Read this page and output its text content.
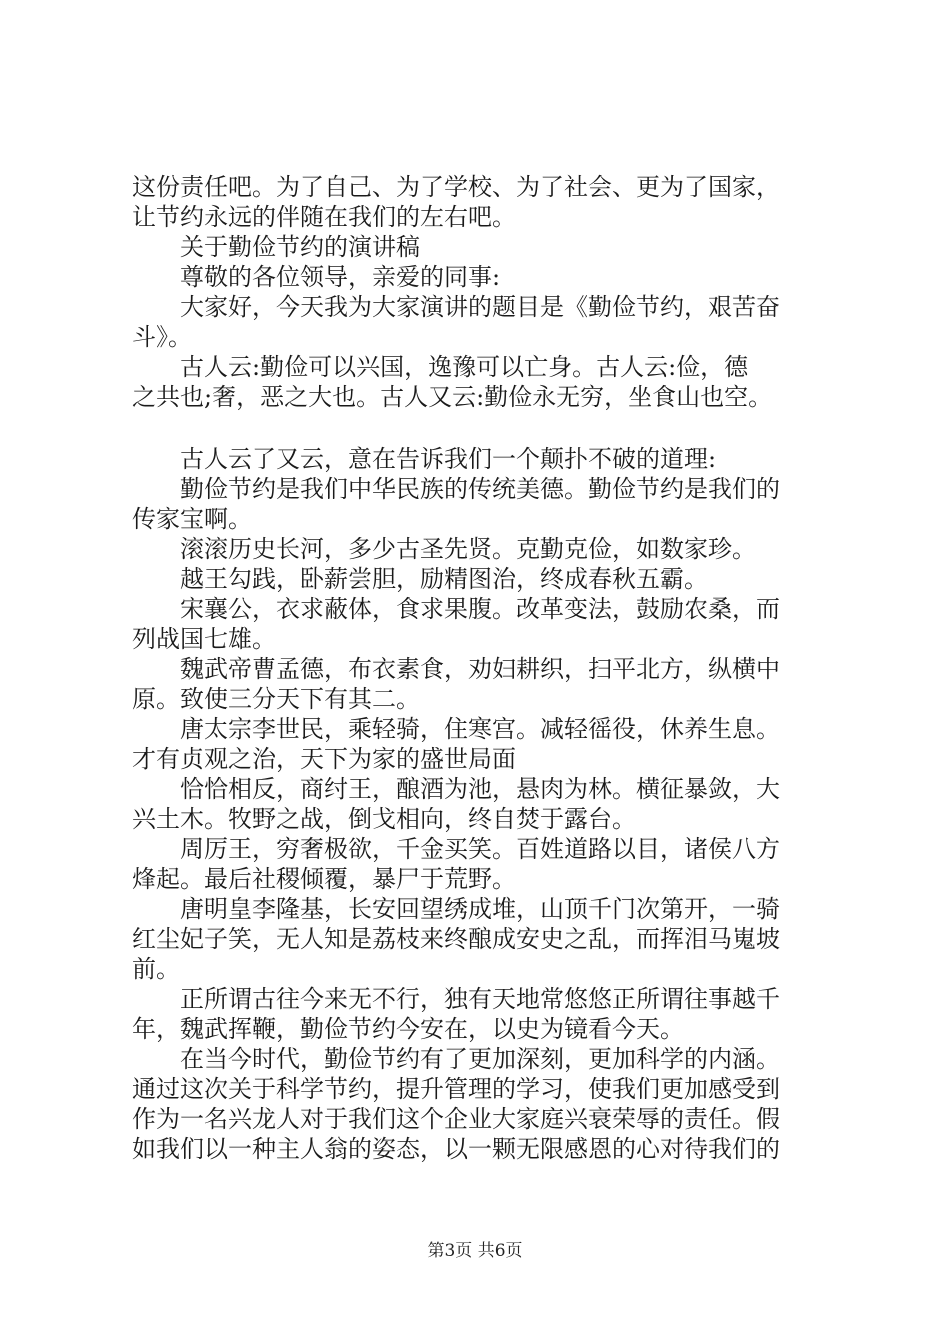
这份责任吧。为了自己、为了学校、为了社会、更为了国家，
让节约永远的伴随在我们的左右吧。
关于勤俭节约的演讲稿
尊敬的各位领导，亲爱的同事:
大家好，今天我为大家演讲的题目是《勤俭节约，艰苦奋
斗》。
古人云:勤俭可以兴国，逸豫可以亡身。古人云:俭，德
之共也;奢，恶之大也。古人又云:勤俭永无穷，坐食山也空。
古人云了又云，意在告诉我们一个颠扑不破的道理:
勤俭节约是我们中华民族的传统美德。勤俭节约是我们的
传家宝啊。
滚滚历史长河，多少古圣先贤。克勤克俭，如数家珍。
越王勾践，卧薪尝胆，励精图治，终成春秋五霸。
宋襄公，衣求蔽体，食求果腹。改革变法，鼓励农桑，而
列战国七雄。
魏武帝曹孟德，布衣素食，劝妇耕织，扫平北方，纵横中
原。致使三分天下有其二。
唐太宗李世民，乘轻骑，住寒宫。减轻徭役，休养生息。
才有贞观之治，天下为家的盛世局面
恰恰相反，商纣王，酿酒为池，悬肉为林。横征暴敛，大
兴土木。牧野之战，倒戈相向，终自焚于露台。
周厉王，穷奢极欲，千金买笑。百姓道路以目，诸侯八方
烽起。最后社稷倾覆，暴尸于荒野。
唐明皇李隆基，长安回望绣成堆，山顶千门次第开，一骑
红尘妃子笑，无人知是荔枝来终酿成安史之乱，而挥泪马嵬坡
前。
正所谓古往今来无不行，独有天地常悠悠正所谓往事越千
年，魏武挥鞭，勤俭节约今安在，以史为镜看今天。
在当今时代，勤俭节约有了更加深刻，更加科学的内涵。
通过这次关于科学节约，提升管理的学习，使我们更加感受到
作为一名兴龙人对于我们这个企业大家庭兴衰荣辱的责任。假
如我们以一种主人翁的姿态，以一颗无限感恩的心对待我们的
第3页 共6页
